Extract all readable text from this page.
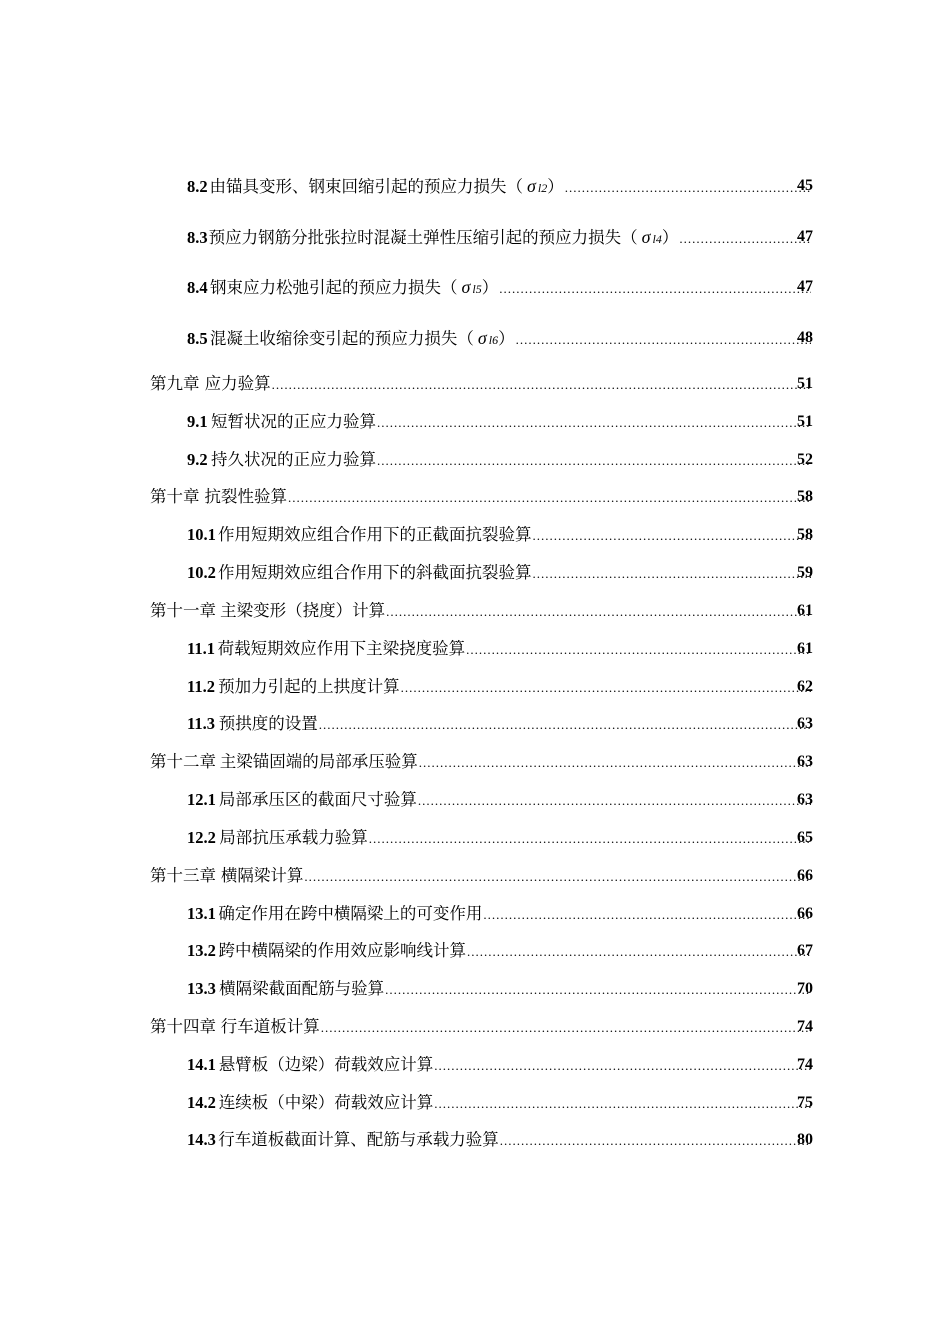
8.2 由锚具变形、钢束回缩引起的预应力损失 （ σ l2 ） .....	45
8.3 预应力钢筋分批张拉时混凝土弹性压缩引起的预应力损失 （ σ l4 ） .....	47
8.4 钢束应力松弛引起的预应力损失 （ σ l5 ） .....	47
8.5 混凝土收缩徐变引起的预应力损失 （ σ l6 ） .....	48
第九章 应力验算 .....	51
9.1 短暂状况的正应力验算 .....	51
9.2 持久状况的正应力验算 .....	52
第十章 抗裂性验算 .....	58
10.1 作用短期效应组合作用下的正截面抗裂验算 .....	58
10.2 作用短期效应组合作用下的斜截面抗裂验算 .....	59
第十一章 主梁变形（挠度）计算 .....	61
11.1 荷载短期效应作用下主梁挠度验算 .....	61
11.2 预加力引起的上拱度计算 .....	62
11.3 预拱度的设置 .....	63
第十二章 主梁锚固端的局部承压验算 .....	63
12.1 局部承压区的截面尺寸验算 .....	63
12.2 局部抗压承载力验算 .....	65
第十三章 横隔梁计算 .....	66
13.1 确定作用在跨中横隔梁上的可变作用 .....	66
13.2 跨中横隔梁的作用效应影响线计算 .....	67
13.3 横隔梁截面配筋与验算 .....	70
第十四章 行车道板计算 .....	74
14.1 悬臂板（边梁）荷载效应计算 .....	74
14.2 连续板（中梁）荷载效应计算 .....	75
14.3 行车道板截面计算、配筋与承载力验算 .....	80
